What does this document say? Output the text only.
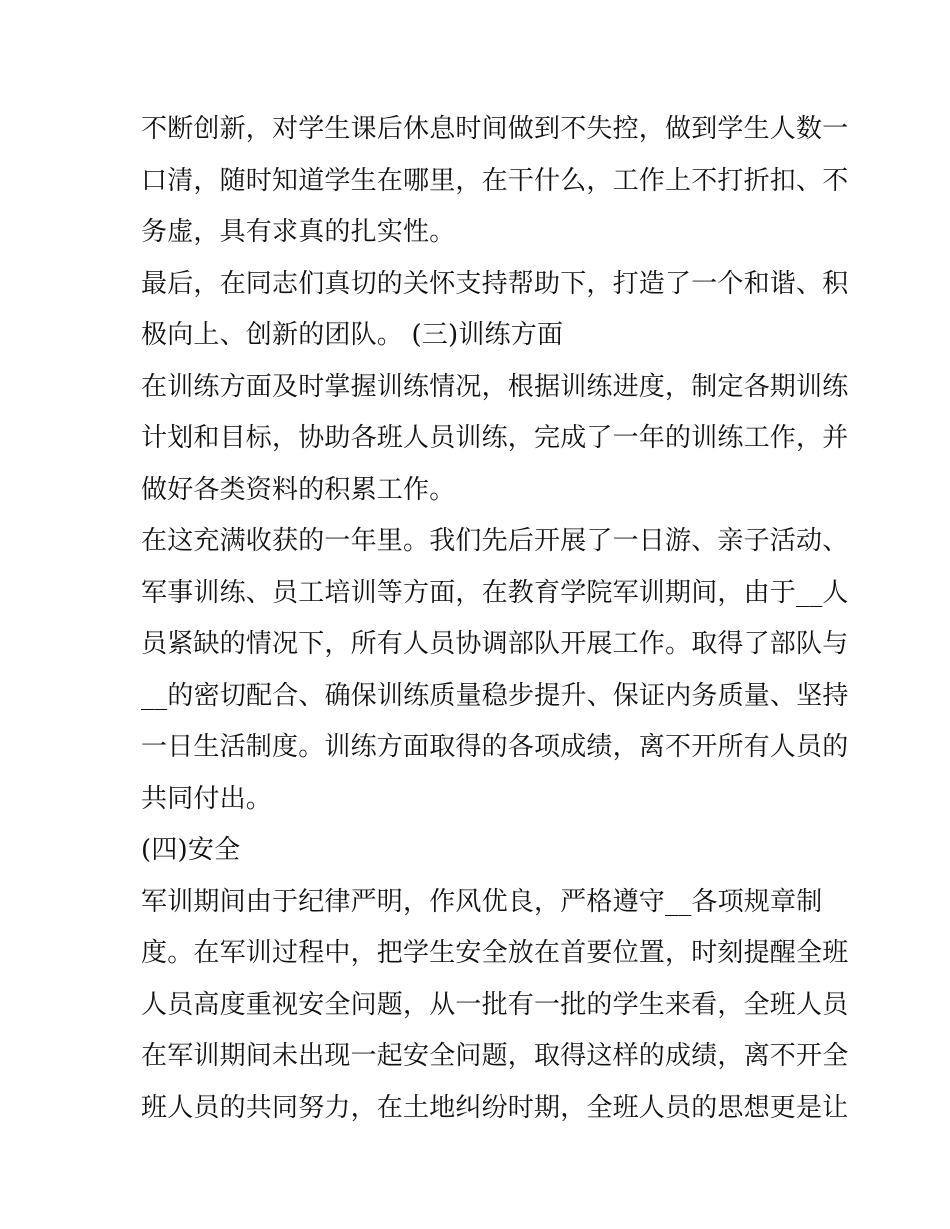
不断创新，对学生课后休息时间做到不失控，做到学生人数一
口清，随时知道学生在哪里，在干什么，工作上不打折扣、不
务虚，具有求真的扎实性。
最后，在同志们真切的关怀支持帮助下，打造了一个和谐、积
极向上、创新的团队。 (三)训练方面
在训练方面及时掌握训练情况，根据训练进度，制定各期训练
计划和目标，协助各班人员训练，完成了一年的训练工作，并
做好各类资料的积累工作。
在这充满收获的一年里。我们先后开展了一日游、亲子活动、
军事训练、员工培训等方面，在教育学院军训期间，由于__人
员紧缺的情况下，所有人员协调部队开展工作。取得了部队与
__的密切配合、确保训练质量稳步提升、保证内务质量、坚持
一日生活制度。训练方面取得的各项成绩，离不开所有人员的
共同付出。
(四)安全
军训期间由于纪律严明，作风优良，严格遵守__各项规章制
度。在军训过程中，把学生安全放在首要位置，时刻提醒全班
人员高度重视安全问题，从一批有一批的学生来看，全班人员
在军训期间未出现一起安全问题，取得这样的成绩，离不开全
班人员的共同努力，在土地纠纷时期，全班人员的思想更是让
